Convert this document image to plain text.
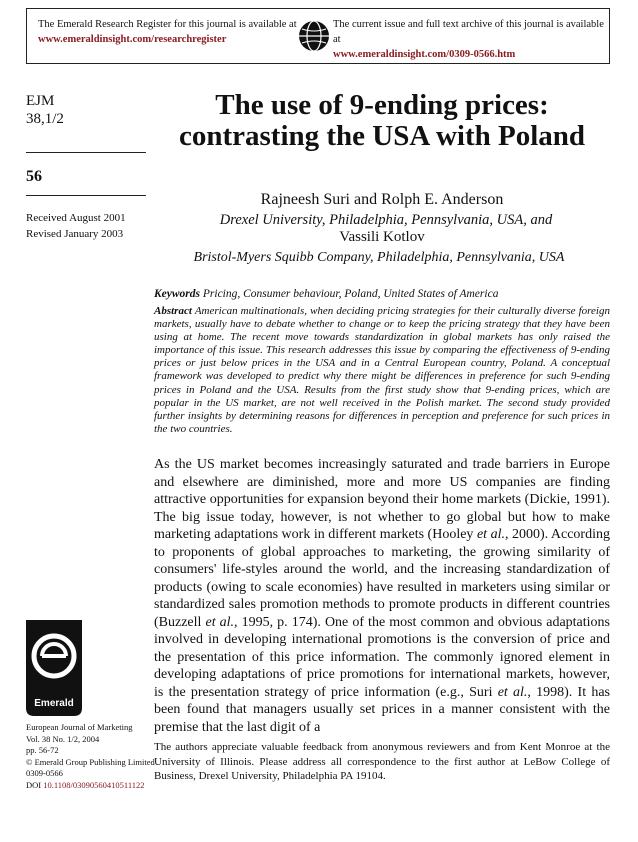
The Emerald Research Register for this journal is available at
www.emeraldinsight.com/researchregister
The current issue and full text archive of this journal is available at
www.emeraldinsight.com/0309-0566.htm
EJM
38,1/2
56
Received August 2001
Revised January 2003
Emerald
European Journal of Marketing
Vol. 38 No. 1/2, 2004
pp. 56-72
© Emerald Group Publishing Limited
0309-0566
DOI 10.1108/03090560410511122
The use of 9-ending prices: contrasting the USA with Poland
Rajneesh Suri and Rolph E. Anderson
Drexel University, Philadelphia, Pennsylvania, USA, and
Vassili Kotlov
Bristol-Myers Squibb Company, Philadelphia, Pennsylvania, USA
Keywords Pricing, Consumer behaviour, Poland, United States of America
Abstract American multinationals, when deciding pricing strategies for their culturally diverse foreign markets, usually have to debate whether to change or to keep the pricing strategy that they have been using at home. The recent move towards standardization in global markets has only raised the importance of this issue. This research addresses this issue by comparing the effectiveness of 9-ending prices or just below prices in the USA and in a Central European country, Poland. A conceptual framework was developed to predict why there might be differences in preference for such 9-ending prices in Poland and the USA. Results from the first study show that 9-ending prices, which are popular in the US market, are not well received in the Polish market. The second study provided further insights by determining reasons for differences in perception and preference for such prices in the two countries.
As the US market becomes increasingly saturated and trade barriers in Europe and elsewhere are diminished, more and more US companies are finding attractive opportunities for expansion beyond their home markets (Dickie, 1991). The big issue today, however, is not whether to go global but how to make marketing adaptations work in different markets (Hooley et al., 2000). According to proponents of global approaches to marketing, the growing similarity of consumers' life-styles around the world, and the increasing standardization of products (owing to scale economies) have resulted in marketers using similar or standardized sales promotion methods to promote products in different countries (Buzzell et al., 1995, p. 174). One of the most common and obvious adaptations involved in developing international promotions is the conversion of price and the presentation of this price information. The commonly ignored element in developing adaptations of price promotions for international markets, however, is the presentation strategy of price information (e.g., Suri et al., 1998). It has been found that managers usually set prices in a manner consistent with the premise that the last digit of a
The authors appreciate valuable feedback from anonymous reviewers and from Kent Monroe at the University of Illinois. Please address all correspondence to the first author at LeBow College of Business, Drexel University, Philadelphia PA 19104.
